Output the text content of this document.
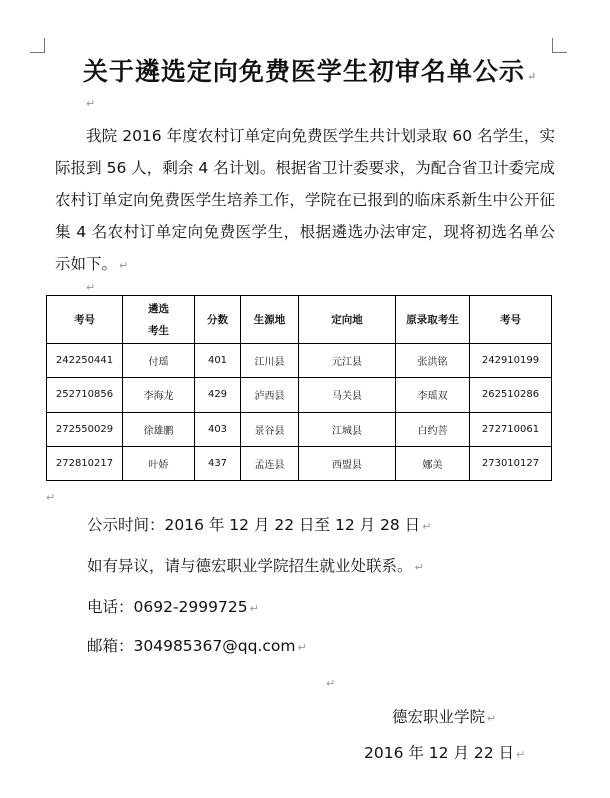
关于遴选定向免费医学生初审名单公示 ↵
↵

我院 2016 年度农村订单定向免费医学生共计划录取 60 名学生，实际报到 56 人，剩余 4 名计划。根据省卫计委要求，为配合省卫计委完成农村订单定向免费医学生培养工作，学院在已报到的临床系新生中公开征集 4 名农村订单定向免费医学生，根据遴选办法审定，现将初选名单公示如下。 ↵

↵
考号	遴选考生	分数	生源地	定向地	原录取考生	考号
242250441	付瑶	401	江川县	元江县	张洪铭	242910199
252710856	李海龙	429	泸西县	马关县	李瑶双	262510286
272550029	徐雄鹏	403	景谷县	江城县	白约菩	272710061
272810217	叶娇	437	孟连县	西盟县	娜美	273010127
↵
公示时间：2016 年 12 月 22 日至 12 月 28 日 ↵
如有异议，请与德宏职业学院招生就业处联系。 ↵
电话：0692-2999725 ↵
邮箱：304985367@qq.com ↵
↵
德宏职业学院 ↵
2016 年 12 月 22 日 ↵
